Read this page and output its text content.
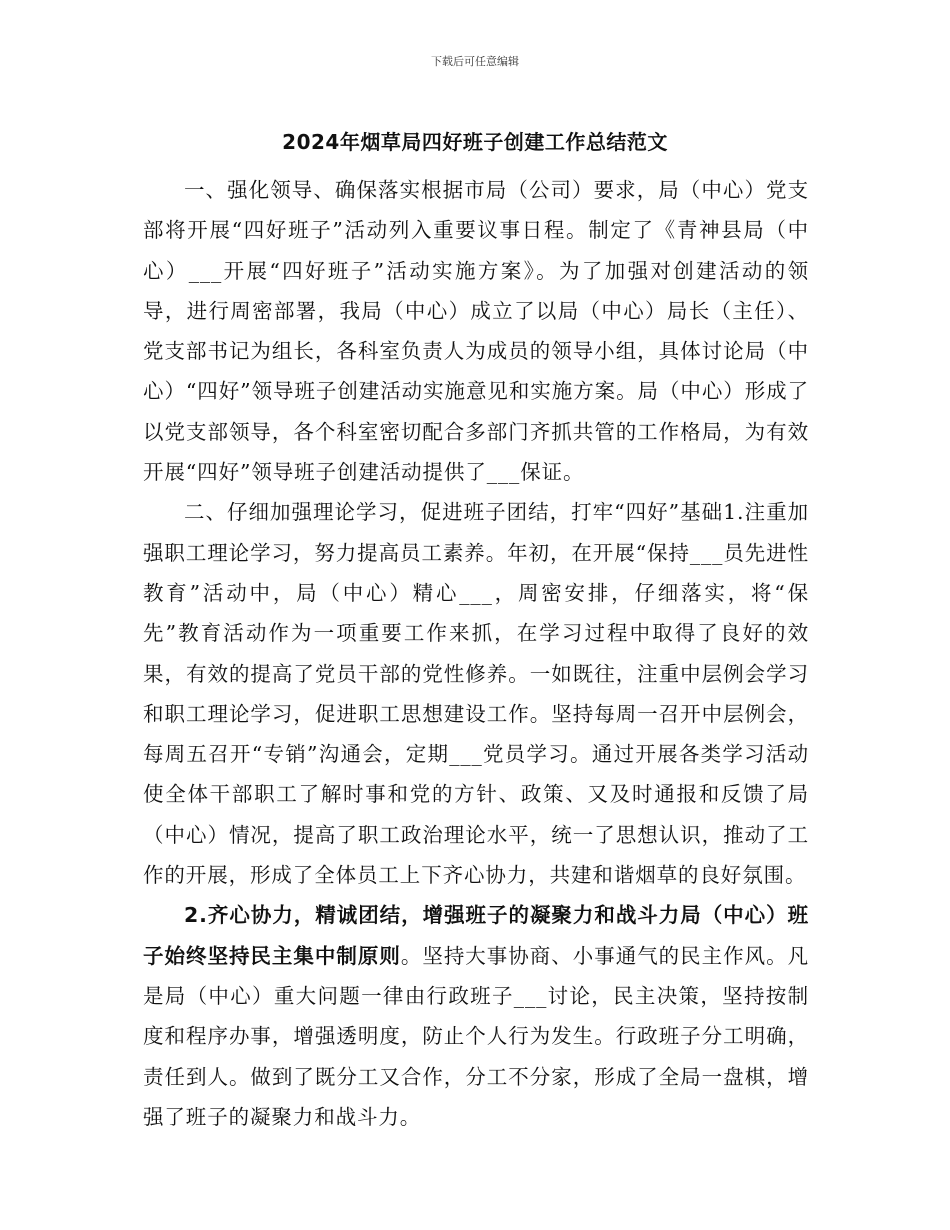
下载后可任意编辑
2024年烟草局四好班子创建工作总结范文

一、强化领导、确保落实根据市局（公司）要求，局（中心）党支部将开展“四好班子”活动列入重要议事日程。制定了《青神县局（中心）___开展“四好班子”活动实施方案》。为了加强对创建活动的领导，进行周密部署，我局（中心）成立了以局（中心）局长（主任）、党支部书记为组长，各科室负责人为成员的领导小组，具体讨论局（中心）“四好”领导班子创建活动实施意见和实施方案。局（中心）形成了以党支部领导，各个科室密切配合多部门齐抓共管的工作格局，为有效开展“四好”领导班子创建活动提供了___保证。

二、仔细加强理论学习，促进班子团结，打牢“四好”基础1.注重加强职工理论学习，努力提高员工素养。年初，在开展“保持___员先进性教育”活动中，局（中心）精心___，周密安排，仔细落实，将“保先”教育活动作为一项重要工作来抓，在学习过程中取得了良好的效果，有效的提高了党员干部的党性修养。一如既往，注重中层例会学习和职工理论学习，促进职工思想建设工作。坚持每周一召开中层例会，每周五召开“专销”沟通会，定期___党员学习。通过开展各类学习活动使全体干部职工了解时事和党的方针、政策、又及时通报和反馈了局（中心）情况，提高了职工政治理论水平，统一了思想认识，推动了工作的开展，形成了全体员工上下齐心协力，共建和谐烟草的良好氛围。

2.齐心协力，精诚团结，增强班子的凝聚力和战斗力局（中心）班子始终坚持民主集中制原则。坚持大事协商、小事通气的民主作风。凡是局（中心）重大问题一律由行政班子___讨论，民主决策，坚持按制度和程序办事，增强透明度，防止个人行为发生。行政班子分工明确，责任到人。做到了既分工又合作，分工不分家，形成了全局一盘棋，增强了班子的凝聚力和战斗力。
